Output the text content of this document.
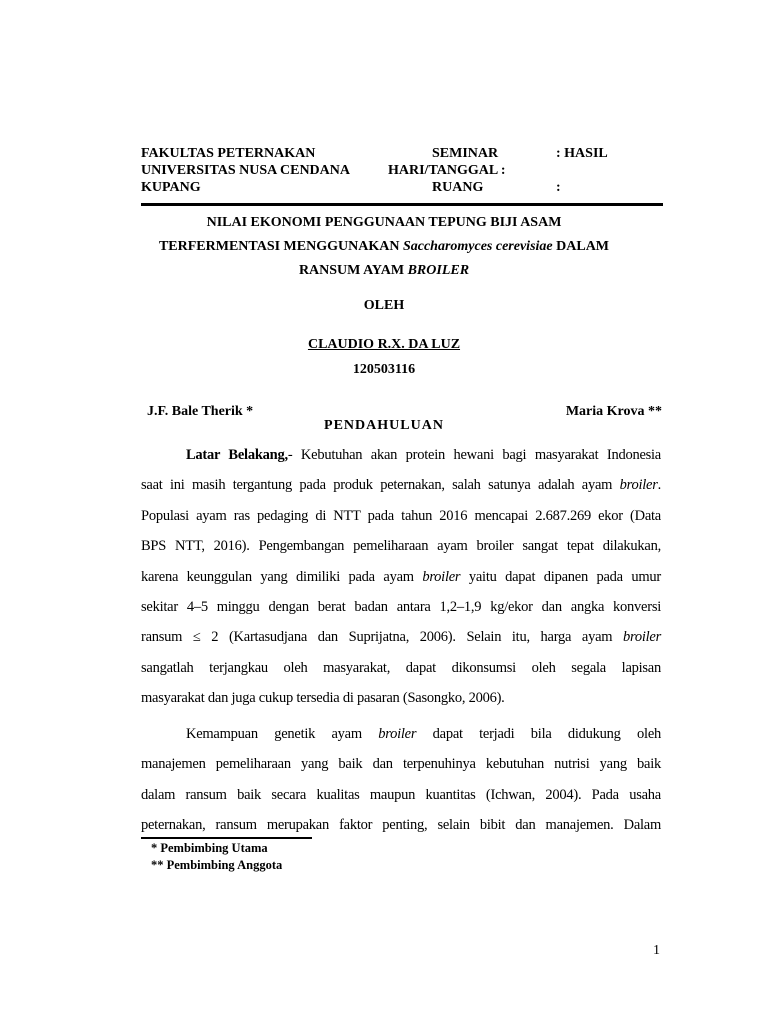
FAKULTAS PETERNAKAN
UNIVERSITAS NUSA CENDANA
KUPANG
SEMINAR
HARI/TANGGAL :
RUANG
: HASIL
:
NILAI EKONOMI PENGGUNAAN TEPUNG BIJI ASAM
TERFERMENTASI MENGGUNAKAN Saccharomyces cerevisiae DALAM
RANSUM AYAM BROILER
OLEH
CLAUDIO R.X. DA LUZ
120503116
J.F. Bale Therik *	Maria Krova **
PENDAHULUAN
Latar Belakang,- Kebutuhan akan protein hewani bagi masyarakat Indonesia
saat ini masih tergantung pada produk peternakan, salah satunya adalah ayam broiler.
Populasi ayam ras pedaging di NTT pada tahun 2016 mencapai 2.687.269 ekor (Data
BPS NTT, 2016). Pengembangan pemeliharaan ayam broiler sangat tepat dilakukan,
karena keunggulan yang dimiliki pada ayam broiler yaitu dapat dipanen pada umur
sekitar 4–5 minggu dengan berat badan antara 1,2–1,9 kg/ekor dan angka konversi
ransum ≤ 2 (Kartasudjana dan Suprijatna, 2006). Selain itu, harga ayam broiler
sangatlah terjangkau oleh masyarakat, dapat dikonsumsi oleh segala lapisan
masyarakat dan juga cukup tersedia di pasaran (Sasongko, 2006).
Kemampuan genetik ayam broiler dapat terjadi bila didukung oleh
manajemen pemeliharaan yang baik dan terpenuhinya kebutuhan nutrisi yang baik
dalam ransum baik secara kualitas maupun kuantitas (Ichwan, 2004). Pada usaha
peternakan, ransum merupakan faktor penting, selain bibit dan manajemen. Dalam
* Pembimbing Utama
** Pembimbing Anggota
1
